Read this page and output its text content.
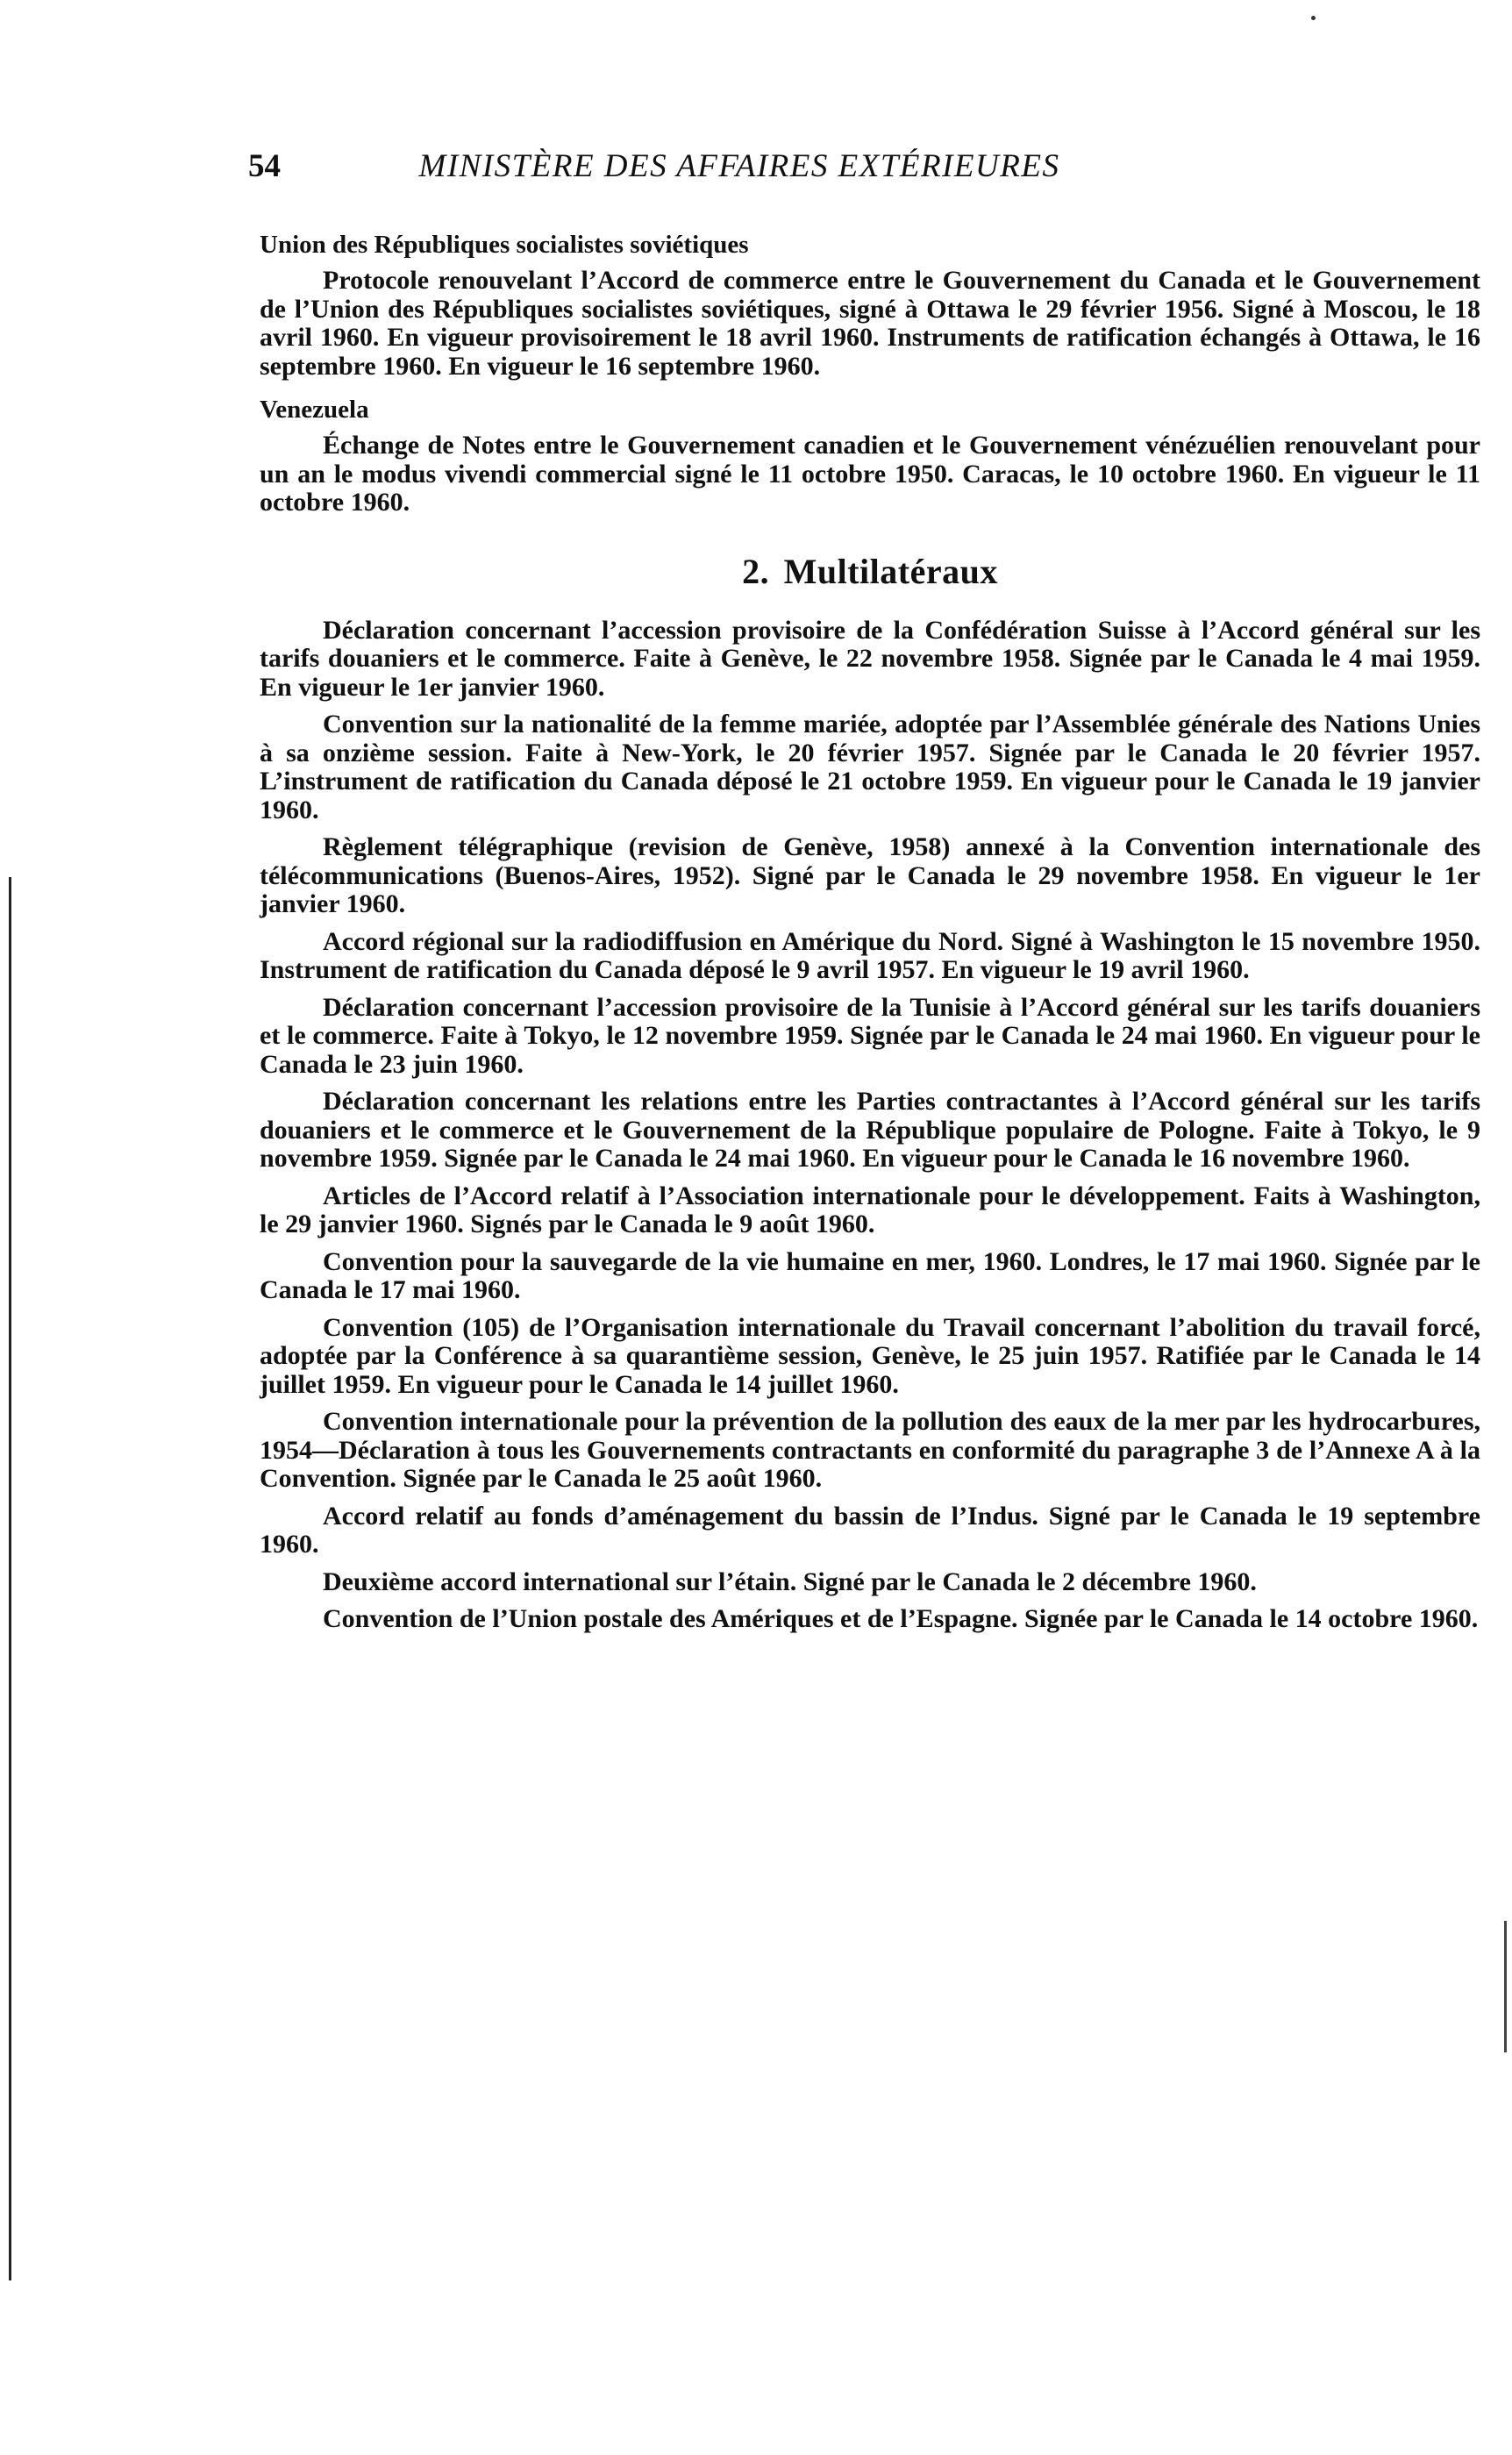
54	MINISTÈRE DES AFFAIRES EXTÉRIEURES
Union des Républiques socialistes soviétiques

Protocole renouvelant l’Accord de commerce entre le Gouvernement du Canada et le Gouvernement de l’Union des Républiques socialistes soviétiques, signé à Ottawa le 29 février 1956. Signé à Moscou, le 18 avril 1960. En vigueur provisoirement le 18 avril 1960. Instruments de ratification échangés à Ottawa, le 16 septembre 1960. En vigueur le 16 septembre 1960.

Venezuela

Échange de Notes entre le Gouvernement canadien et le Gouvernement vénézuélien renouvelant pour un an le modus vivendi commercial signé le 11 octobre 1950. Caracas, le 10 octobre 1960. En vigueur le 11 octobre 1960.

2. Multilatéraux

Déclaration concernant l’accession provisoire de la Confédération Suisse à l’Accord général sur les tarifs douaniers et le commerce. Faite à Genève, le 22 novembre 1958. Signée par le Canada le 4 mai 1959. En vigueur le 1er janvier 1960.

Convention sur la nationalité de la femme mariée, adoptée par l’Assemblée générale des Nations Unies à sa onzième session. Faite à New-York, le 20 février 1957. Signée par le Canada le 20 février 1957. L’instrument de ratification du Canada déposé le 21 octobre 1959. En vigueur pour le Canada le 19 janvier 1960.

Règlement télégraphique (revision de Genève, 1958) annexé à la Convention internationale des télécommunications (Buenos-Aires, 1952). Signé par le Canada le 29 novembre 1958. En vigueur le 1er janvier 1960.

Accord régional sur la radiodiffusion en Amérique du Nord. Signé à Washington le 15 novembre 1950. Instrument de ratification du Canada déposé le 9 avril 1957. En vigueur le 19 avril 1960.

Déclaration concernant l’accession provisoire de la Tunisie à l’Accord général sur les tarifs douaniers et le commerce. Faite à Tokyo, le 12 novembre 1959. Signée par le Canada le 24 mai 1960. En vigueur pour le Canada le 23 juin 1960.

Déclaration concernant les relations entre les Parties contractantes à l’Accord général sur les tarifs douaniers et le commerce et le Gouvernement de la République populaire de Pologne. Faite à Tokyo, le 9 novembre 1959. Signée par le Canada le 24 mai 1960. En vigueur pour le Canada le 16 novembre 1960.

Articles de l’Accord relatif à l’Association internationale pour le développement. Faits à Washington, le 29 janvier 1960. Signés par le Canada le 9 août 1960.

Convention pour la sauvegarde de la vie humaine en mer, 1960. Londres, le 17 mai 1960. Signée par le Canada le 17 mai 1960.

Convention (105) de l’Organisation internationale du Travail concernant l’abolition du travail forcé, adoptée par la Conférence à sa quarantième session, Genève, le 25 juin 1957. Ratifiée par le Canada le 14 juillet 1959. En vigueur pour le Canada le 14 juillet 1960.

Convention internationale pour la prévention de la pollution des eaux de la mer par les hydrocarbures, 1954—Déclaration à tous les Gouvernements contractants en conformité du paragraphe 3 de l’Annexe A à la Convention. Signée par le Canada le 25 août 1960.

Accord relatif au fonds d’aménagement du bassin de l’Indus. Signé par le Canada le 19 septembre 1960.

Deuxième accord international sur l’étain. Signé par le Canada le 2 décembre 1960.

Convention de l’Union postale des Amériques et de l’Espagne. Signée par le Canada le 14 octobre 1960.
